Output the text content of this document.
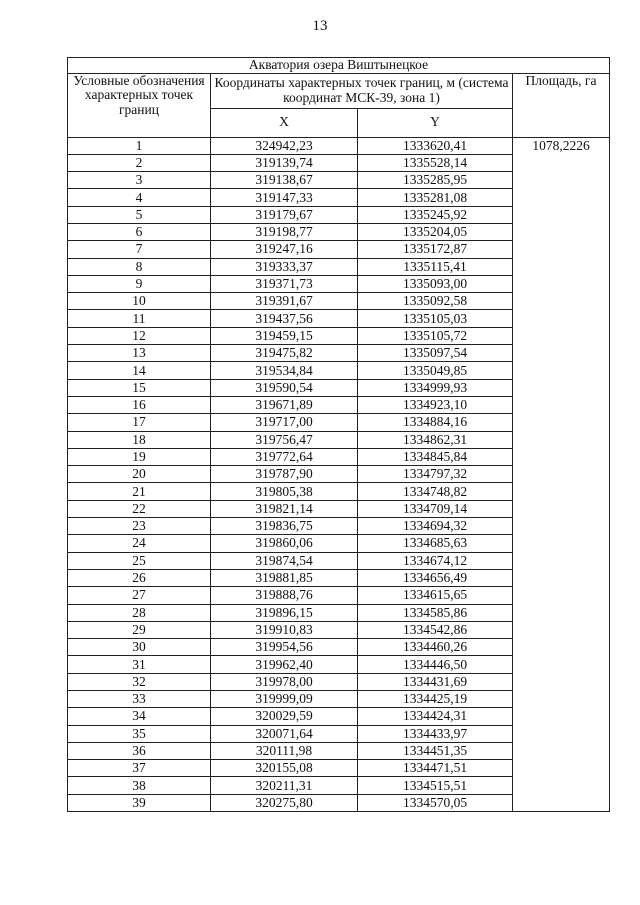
13
Акватория озера Виштынецкое			
Условные обозначения характерных точек границ	Координаты характерных точек границ, м (система координат МСК-39, зона 1)		Площадь, га
	X	Y	
1	324942,23	1333620,41	1078,2226
2	319139,74	1335528,14	
3	319138,67	1335285,95	
4	319147,33	1335281,08	
5	319179,67	1335245,92	
6	319198,77	1335204,05	
7	319247,16	1335172,87	
8	319333,37	1335115,41	
9	319371,73	1335093,00	
10	319391,67	1335092,58	
11	319437,56	1335105,03	
12	319459,15	1335105,72	
13	319475,82	1335097,54	
14	319534,84	1335049,85	
15	319590,54	1334999,93	
16	319671,89	1334923,10	
17	319717,00	1334884,16	
18	319756,47	1334862,31	
19	319772,64	1334845,84	
20	319787,90	1334797,32	
21	319805,38	1334748,82	
22	319821,14	1334709,14	
23	319836,75	1334694,32	
24	319860,06	1334685,63	
25	319874,54	1334674,12	
26	319881,85	1334656,49	
27	319888,76	1334615,65	
28	319896,15	1334585,86	
29	319910,83	1334542,86	
30	319954,56	1334460,26	
31	319962,40	1334446,50	
32	319978,00	1334431,69	
33	319999,09	1334425,19	
34	320029,59	1334424,31	
35	320071,64	1334433,97	
36	320111,98	1334451,35	
37	320155,08	1334471,51	
38	320211,31	1334515,51	
39	320275,80	1334570,05	
